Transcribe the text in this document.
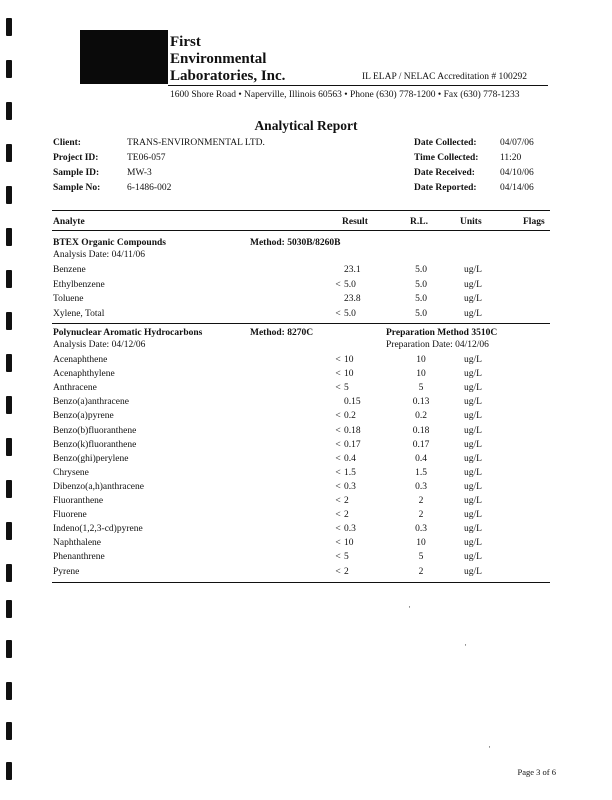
First
Environmental
Laboratories, Inc.	IL ELAP / NELAC Accreditation # 100292
1600 Shore Road • Naperville, Illinois 60563 • Phone (630) 778-1200 • Fax (630) 778-1233
Analytical Report
Client:	TRANS-ENVIRONMENTAL LTD.
Project ID:	TE06-057
Sample ID:	MW-3
Sample No:	6-1486-002
Date Collected: 04/07/06
Time Collected: 11:20
Date Received:	04/10/06
Date Reported: 04/14/06
Analyte	Result	R.L.	Units	Flags
BTEX Organic Compounds	Method: 5030B/8260B
Analysis Date: 04/11/06
Benzene	23.1	5.0	ug/L
Ethylbenzene	< 5.0	5.0	ug/L
Toluene	23.8	5.0	ug/L
Xylene, Total	< 5.0	5.0	ug/L
Polynuclear Aromatic Hydrocarbons	Method: 8270C	Preparation Method 3510C
Analysis Date: 04/12/06	Preparation Date: 04/12/06
Acenaphthene	< 10	10	ug/L
Acenaphthylene	< 10	10	ug/L
Anthracene	< 5	5	ug/L
Benzo(a)anthracene	0.15	0.13	ug/L
Benzo(a)pyrene	< 0.2	0.2	ug/L
Benzo(b)fluoranthene	< 0.18	0.18	ug/L
Benzo(k)fluoranthene	< 0.17	0.17	ug/L
Benzo(ghi)perylene	< 0.4	0.4	ug/L
Chrysene	< 1.5	1.5	ug/L
Dibenzo(a,h)anthracene	< 0.3	0.3	ug/L
Fluoranthene	< 2	2	ug/L
Fluorene	< 2	2	ug/L
Indeno(1,2,3-cd)pyrene	< 0.3	0.3	ug/L
Naphthalene	< 10	10	ug/L
Phenanthrene	< 5	5	ug/L
Pyrene	< 2	2	ug/L
·
·
·
Page 3 of 6
